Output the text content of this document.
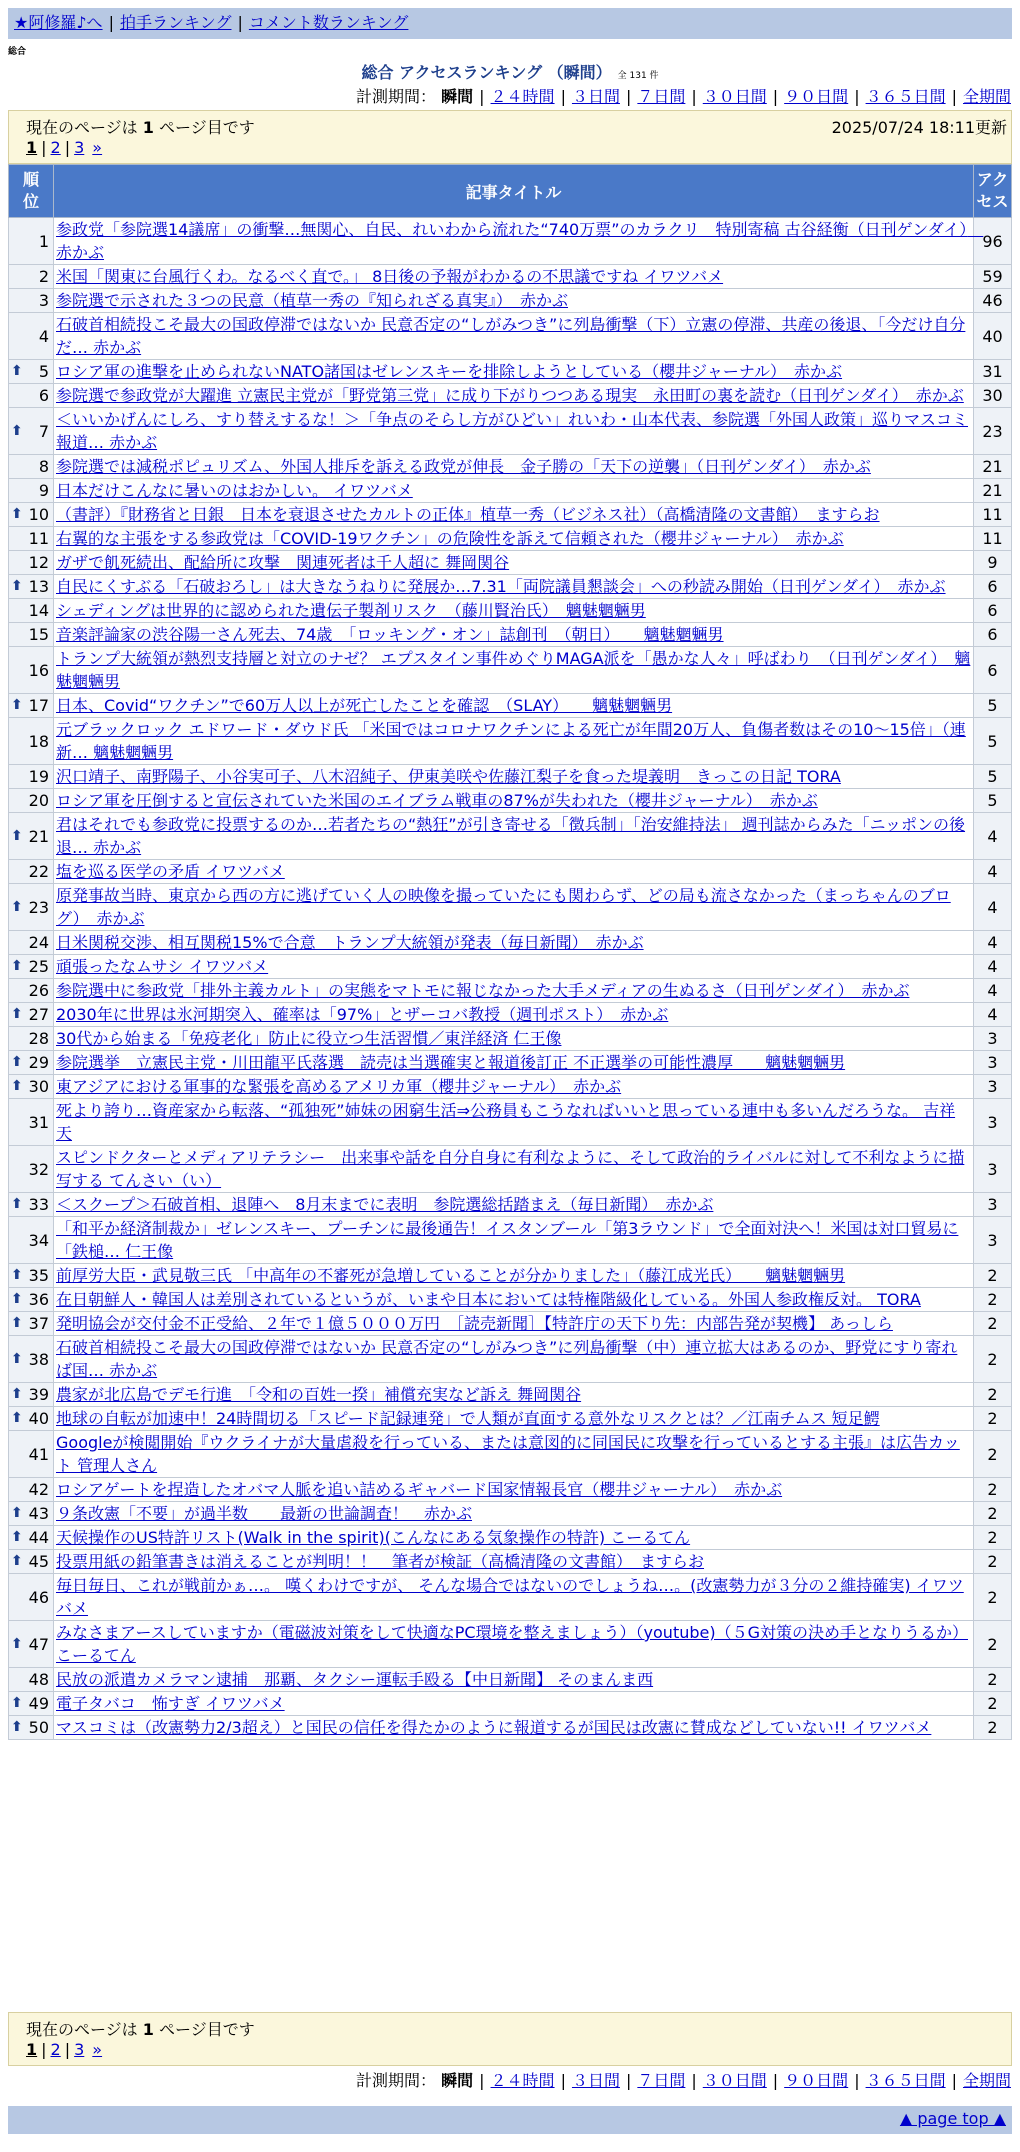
★阿修羅♪へ | 拍手ランキング | コメント数ランキング
総合
総合 アクセスランキング （瞬間） 全 131 件
計測期間： 瞬間 | ２４時間 | ３日間 | ７日間 | ３０日間 | ９０日間 | ３６５日間 | 全期間
現在のページは 1 ページ目です	2025/07/24 18:11更新
1 | 2 | 3 »
順位	記事タイトル	アクセス
1	参政党「参院選14議席」の衝撃…無関心、自民、れいわから流れた“740万票”のカラクリ　特別寄稿 古谷経衡（日刊ゲンダイ）　赤かぶ	96
2	米国「関東に台風行くわ。なるべく直で。」 8日後の予報がわかるの不思議ですね イワツバメ	59
3	参院選で示された３つの民意（植草一秀の『知られざる真実』）　赤かぶ	46
4	石破首相続投こそ最大の国政停滞ではないか 民意否定の“しがみつき”に列島衝撃（下）立憲の停滞、共産の後退、「今だけ自分だ… 赤かぶ	40

⬆ 5	ロシア軍の進撃を止められないNATO諸国はゼレンスキーを排除しようとしている（櫻井ジャーナル）　赤かぶ	31
6	参院選で参政党が大躍進 立憲民主党が「野党第三党」に成り下がりつつある現実　永田町の裏を読む（日刊ゲンダイ）　赤かぶ	30

⬆ 7	＜いいかげんにしろ、すり替えするな！＞「争点のそらし方がひどい」れいわ・山本代表、参院選「外国人政策」巡りマスコミ報道… 赤かぶ	23
8	参院選では減税ポピュリズム、外国人排斥を訴える政党が伸長　金子勝の「天下の逆襲」（日刊ゲンダイ）　赤かぶ	21
9	日本だけこんなに暑いのはおかしい。 イワツバメ	21

⬆ 10	（書評）『財務省と日銀　日本を衰退させたカルトの正体』植草一秀（ビジネス社）（高橋清隆の文書館）　ますらお	11
11	右翼的な主張をする参政党は「COVID-19ワクチン」の危険性を訴えて信頼された（櫻井ジャーナル）　赤かぶ	11
12	ガザで飢死続出、配給所に攻撃　関連死者は千人超に 舞岡関谷	9

⬆ 13	自民にくすぶる「石破おろし」は大きなうねりに発展か…7.31「両院議員懇談会」への秒読み開始（日刊ゲンダイ）　赤かぶ	6
14	シェディングは世界的に認められた遺伝子製剤リスク　（藤川賢治氏）　魑魅魍魎男	6
15	音楽評論家の渋谷陽一さん死去、74歳　「ロッキング・オン」誌創刊　（朝日）　　魑魅魍魎男	6
16	トランプ大統領が熱烈支持層と対立のナゼ？ エプスタイン事件めぐりMAGA派を「愚かな人々」呼ばわり　（日刊ゲンダイ）　魑魅魍魎男	6

⬆ 17	日本、Covid“ワクチン”で60万人以上が死亡したことを確認　（SLAY）　　魑魅魍魎男	5
18	元ブラックロック エドワード・ダウド氏 「米国ではコロナワクチンによる死亡が年間20万人、負傷者数はその10～15倍」（連新… 魑魅魍魎男	5
19	沢口靖子、南野陽子、小谷実可子、八木沼純子、伊東美咲や佐藤江梨子を食った堤義明　きっこの日記 TORA	5
20	ロシア軍を圧倒すると宣伝されていた米国のエイブラム戦車の87%が失われた（櫻井ジャーナル）　赤かぶ	5

⬆ 21	君はそれでも参政党に投票するのか…若者たちの“熱狂”が引き寄せる「徴兵制」「治安維持法」 週刊誌からみた「ニッポンの後退… 赤かぶ	4
22	塩を巡る医学の矛盾 イワツバメ	4

⬆ 23	原発事故当時、東京から西の方に逃げていく人の映像を撮っていたにも関わらず、どの局も流さなかった（まっちゃんのブログ）　赤かぶ	4
24	日米関税交渉、相互関税15%で合意　トランプ大統領が発表（毎日新聞）　赤かぶ	4

⬆ 25	頑張ったなムサシ イワツバメ	4
26	参院選中に参政党「排外主義カルト」の実態をマトモに報じなかった大手メディアの生ぬるさ（日刊ゲンダイ）　赤かぶ	4

⬆ 27	2030年に世界は氷河期突入、確率は「97%」とザーコバ教授（週刊ポスト）　赤かぶ	4
28	30代から始まる「免疫老化」防止に役立つ生活習慣／東洋経済 仁王像	3

⬆ 29	参院選挙　立憲民主党・川田龍平氏落選　読売は当選確実と報道後訂正 不正選挙の可能性濃厚　　魑魅魍魎男	3

⬆ 30	東アジアにおける軍事的な緊張を高めるアメリカ軍（櫻井ジャーナル）　赤かぶ	3
31	死より誇り…資産家から転落、“孤独死”姉妹の困窮生活⇒公務員もこうなればいいと思っている連中も多いんだろうな。 吉祥天	3
32	スピンドクターとメディアリテラシー　出来事や話を自分自身に有利なように、そして政治的ライバルに対して不利なように描写する てんさい（い）	3

⬆ 33	＜スクープ＞石破首相、退陣へ　8月末までに表明　参院選総括踏まえ（毎日新聞）　赤かぶ	3
34	「和平か経済制裁か」ゼレンスキー、プーチンに最後通告！イスタンブール「第3ラウンド」で全面対決へ！米国は対口貿易に「鉄槌… 仁王像	3

⬆ 35	前厚労大臣・武見敬三氏 「中高年の不審死が急増していることが分かりました」（藤江成光氏）　　魑魅魍魎男	2

⬆ 36	在日朝鮮人・韓国人は差別されているというが、いまや日本においては特権階級化している。外国人参政権反対。 TORA	2

⬆ 37	発明協会が交付金不正受給、２年で１億５０００万円　［読売新聞］【特許庁の天下り先：内部告発が契機】 あっしら	2

⬆ 38	石破首相続投こそ最大の国政停滞ではないか 民意否定の“しがみつき”に列島衝撃（中）連立拡大はあるのか、野党にすり寄れば国… 赤かぶ	2

⬆ 39	農家が北広島でデモ行進　「令和の百姓一揆」補償充実など訴え 舞岡関谷	2

⬆ 40	地球の自転が加速中！24時間切る「スピード記録連発」で人類が直面する意外なリスクとは？／江南チムス 短足鰐	2
41	Googleが検閲開始『ウクライナが大量虐殺を行っている、または意図的に同国民に攻撃を行っているとする主張』は広告カット 管理人さん	2
42	ロシアゲートを捏造したオバマ人脈を追い詰めるギャバード国家情報長官（櫻井ジャーナル）　赤かぶ	2

⬆ 43	９条改憲「不要」が過半数　　最新の世論調査！　赤かぶ	2

⬆ 44	天候操作のUS特許リスト(Walk in the spirit)(こんなにある気象操作の特許) こーるてん	2

⬆ 45	投票用紙の鉛筆書きは消えることが判明！！　筆者が検証（高橋清隆の文書館）　ますらお	2
46	毎日毎日、これが戦前かぁ…。 嘆くわけですが、 そんな場合ではないのでしょうね…。(改憲勢力が３分の２維持確実) イワツバメ	2

⬆ 47	みなさまアースしていますか（電磁波対策をして快適なPC環境を整えましょう）（youtube)（５G対策の決め手となりうるか） こーるてん	2
48	民放の派遣カメラマン逮捕　那覇、タクシー運転手殴る【中日新聞】 そのまんま西	2

⬆ 49	電子タバコ　怖すぎ イワツバメ	2

⬆ 50	マスコミは（改憲勢力2/3超え）と国民の信任を得たかのように報道するが国民は改憲に賛成などしていない!! イワツバメ	2
現在のページは 1 ページ目です
1 | 2 | 3 »
計測期間： 瞬間 | ２４時間 | ３日間 | ７日間 | ３０日間 | ９０日間 | ３６５日間 | 全期間
▲ page top ▲
